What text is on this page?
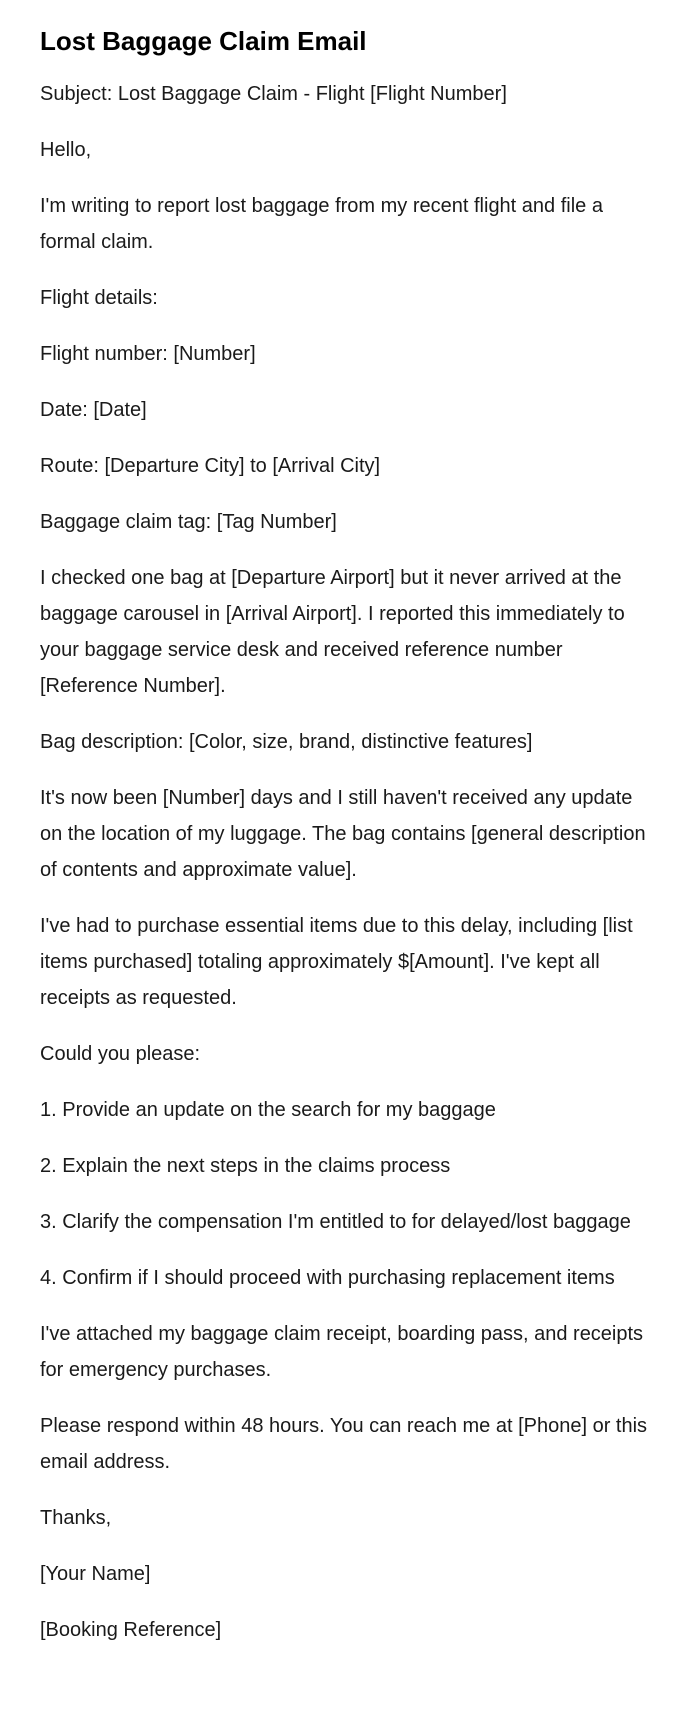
Lost Baggage Claim Email

Subject: Lost Baggage Claim - Flight [Flight Number]

Hello,

I'm writing to report lost baggage from my recent flight and file a formal claim.

Flight details:

Flight number: [Number]

Date: [Date]

Route: [Departure City] to [Arrival City]

Baggage claim tag: [Tag Number]

I checked one bag at [Departure Airport] but it never arrived at the baggage carousel in [Arrival Airport]. I reported this immediately to your baggage service desk and received reference number [Reference Number].

Bag description: [Color, size, brand, distinctive features]

It's now been [Number] days and I still haven't received any update on the location of my luggage. The bag contains [general description of contents and approximate value].

I've had to purchase essential items due to this delay, including [list items purchased] totaling approximately $[Amount]. I've kept all receipts as requested.

Could you please:

1. Provide an update on the search for my baggage

2. Explain the next steps in the claims process

3. Clarify the compensation I'm entitled to for delayed/lost baggage

4. Confirm if I should proceed with purchasing replacement items

I've attached my baggage claim receipt, boarding pass, and receipts for emergency purchases.

Please respond within 48 hours. You can reach me at [Phone] or this email address.

Thanks,

[Your Name]

[Booking Reference]
